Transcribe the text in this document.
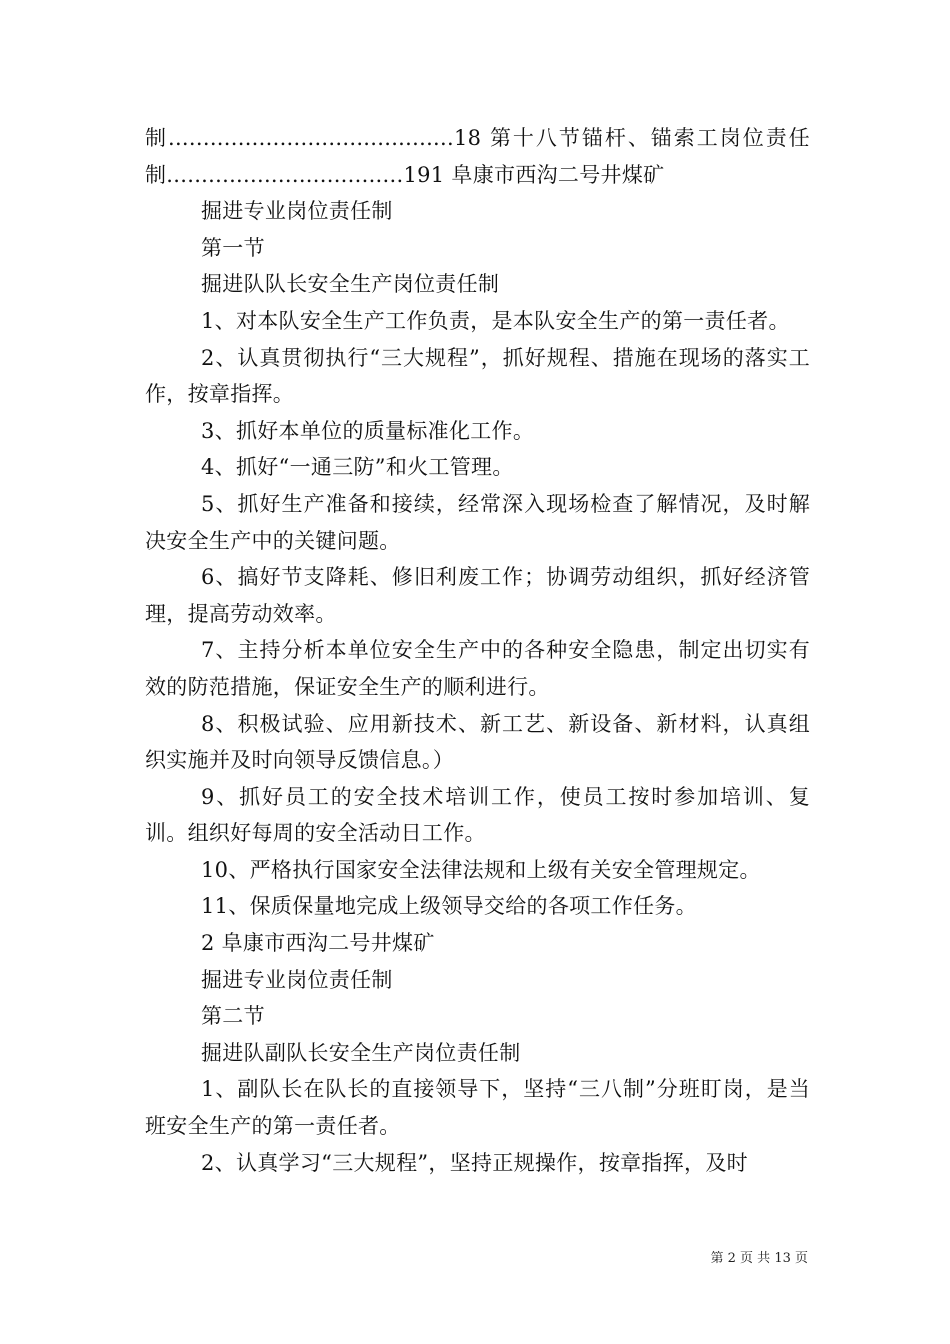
制.........................................18 第十八节锚杆、锚索工岗位责任制..................................191 阜康市西沟二号井煤矿

掘进专业岗位责任制

第一节

掘进队队长安全生产岗位责任制

1、对本队安全生产工作负责，是本队安全生产的第一责任者。

2、认真贯彻执行“三大规程”，抓好规程、措施在现场的落实工作，按章指挥。

3、抓好本单位的质量标准化工作。

4、抓好“一通三防”和火工管理。

5、抓好生产准备和接续，经常深入现场检查了解情况，及时解决安全生产中的关键问题。

6、搞好节支降耗、修旧利废工作；协调劳动组织，抓好经济管理，提高劳动效率。

7、主持分析本单位安全生产中的各种安全隐患，制定出切实有效的防范措施，保证安全生产的顺利进行。

8、积极试验、应用新技术、新工艺、新设备、新材料，认真组织实施并及时向领导反馈信息。）

9、抓好员工的安全技术培训工作，使员工按时参加培训、复训。组织好每周的安全活动日工作。

10、严格执行国家安全法律法规和上级有关安全管理规定。

11、保质保量地完成上级领导交给的各项工作任务。

2 阜康市西沟二号井煤矿

掘进专业岗位责任制

第二节

掘进队副队长安全生产岗位责任制

1、副队长在队长的直接领导下，坚持“三八制”分班盯岗，是当班安全生产的第一责任者。

2、认真学习“三大规程”，坚持正规操作，按章指挥，及时

第 2 页 共 13 页
